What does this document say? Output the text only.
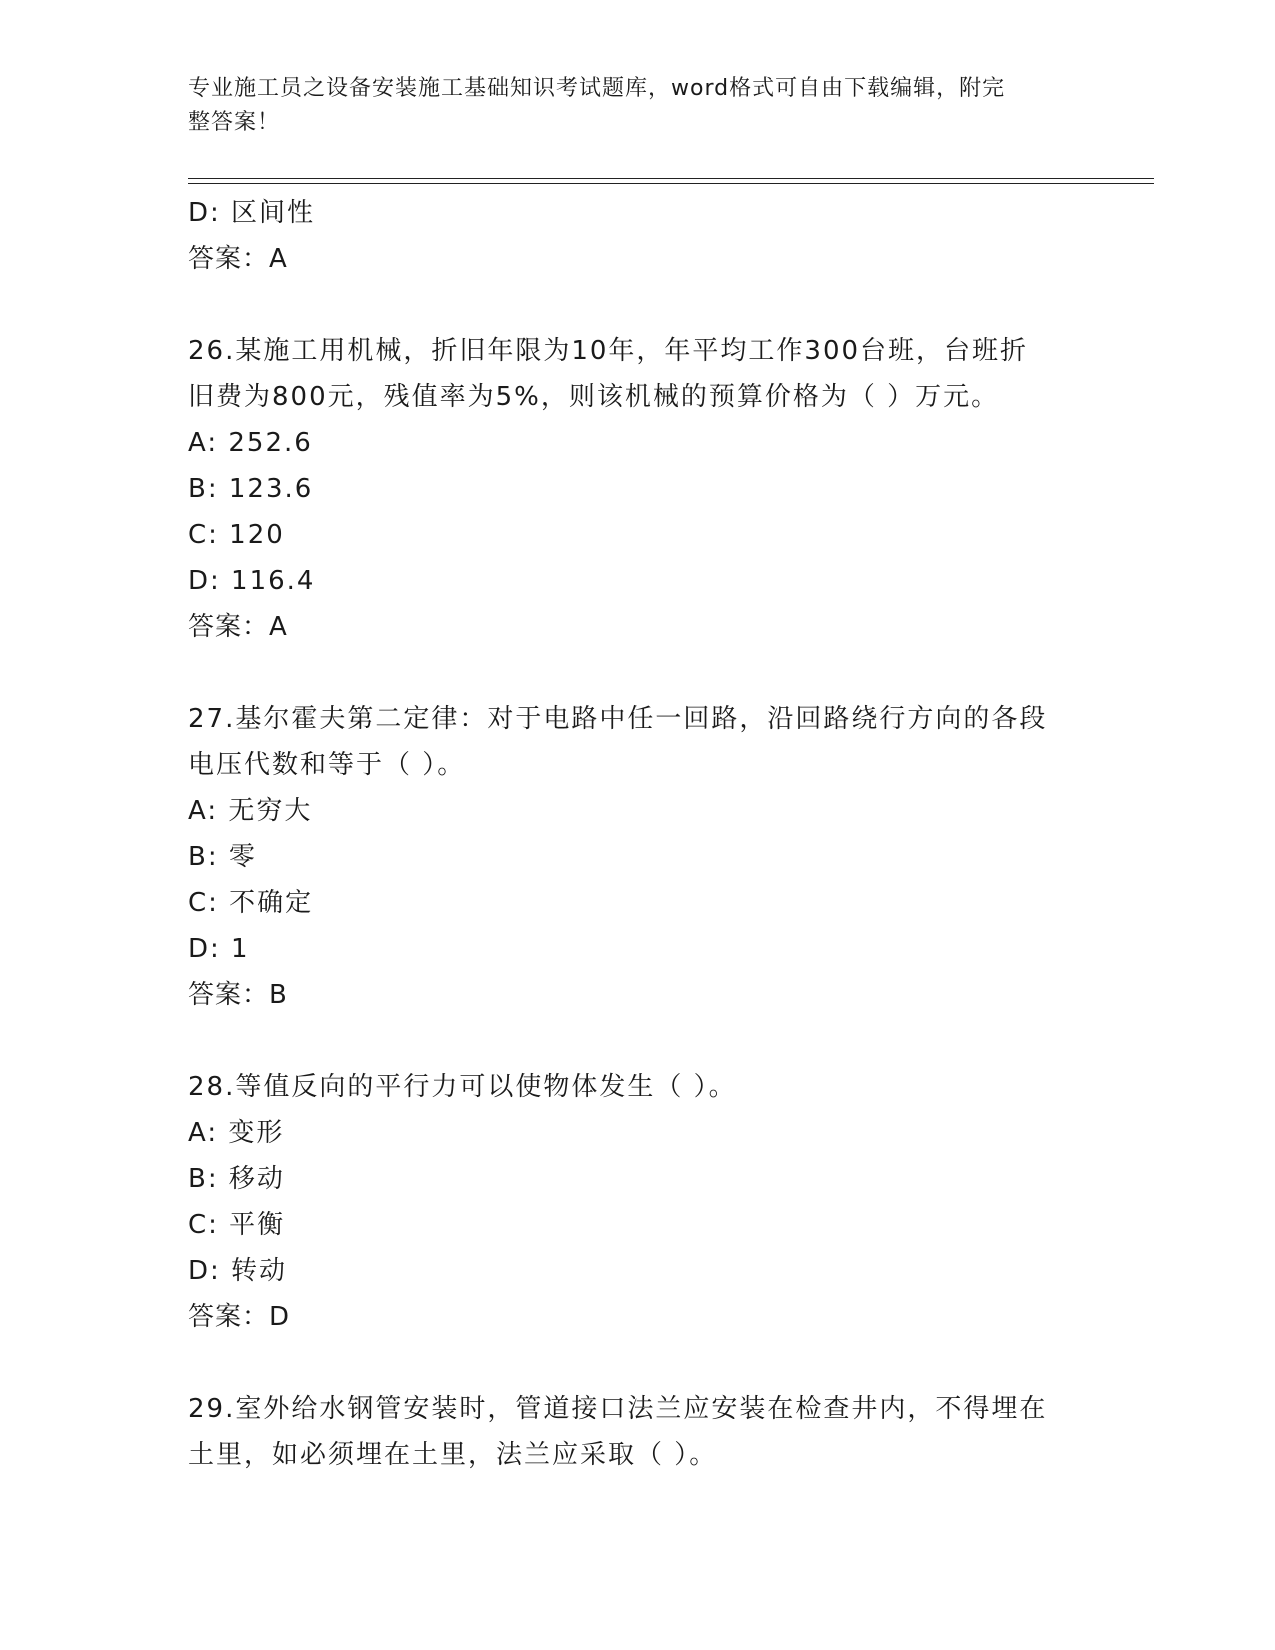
专业施工员之设备安装施工基础知识考试题库，word格式可自由下载编辑，附完
整答案！
D: 区间性
答案：A
26.某施工用机械，折旧年限为10年，年平均工作300台班，台班折
旧费为800元，残值率为5%，则该机械的预算价格为（ ）万元。
A: 252.6
B: 123.6
C: 120
D: 116.4
答案：A
27.基尔霍夫第二定律：对于电路中任一回路，沿回路绕行方向的各段
电压代数和等于（ ）。
A: 无穷大
B: 零
C: 不确定
D: 1
答案：B
28.等值反向的平行力可以使物体发生（ ）。
A: 变形
B: 移动
C: 平衡
D: 转动
答案：D
29.室外给水钢管安装时，管道接口法兰应安装在检查井内，不得埋在
土里，如必须埋在土里，法兰应采取（ ）。
